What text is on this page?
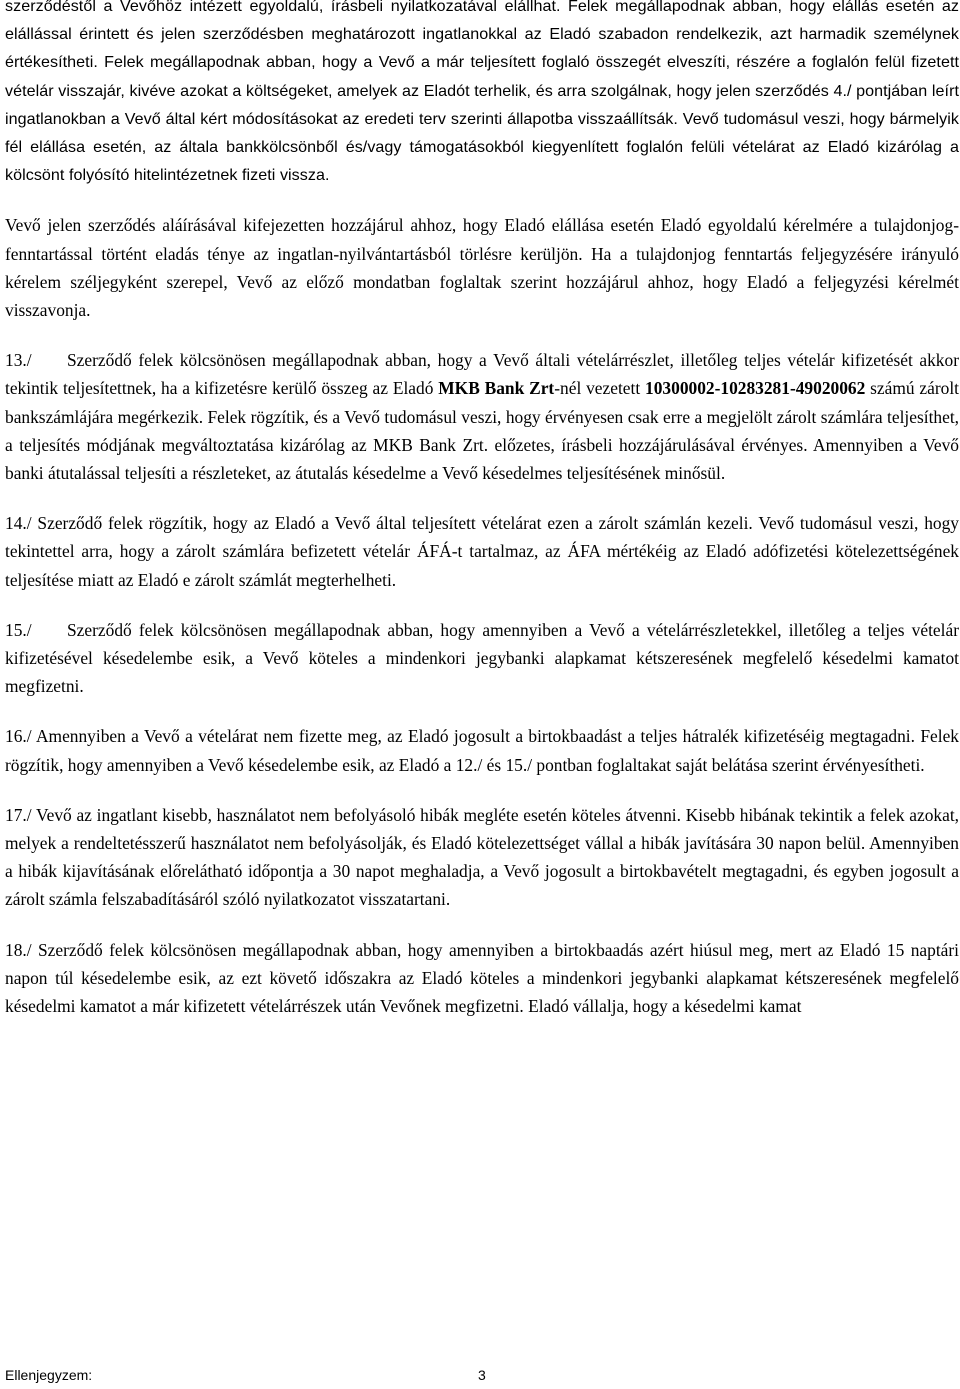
szerződéstől a Vevőhöz intézett egyoldalú, írásbeli nyilatkozatával elállhat. Felek megállapodnak abban, hogy elállás esetén az elállással érintett és jelen szerződésben meghatározott ingatlanokkal az Eladó szabadon rendelkezik, azt harmadik személynek értékesítheti. Felek megállapodnak abban, hogy a Vevő a már teljesített foglaló összegét elveszíti, részére a foglalón felül fizetett vételár visszajár, kivéve azokat a költségeket, amelyek az Eladót terhelik, és arra szolgálnak, hogy jelen szerződés 4./ pontjában leírt ingatlanokban a Vevő által kért módosításokat az eredeti terv szerinti állapotba visszaállítsák. Vevő tudomásul veszi, hogy bármelyik fél elállása esetén, az általa bankkölcsönből és/vagy támogatásokból kiegyenlített foglalón felüli vételárat az Eladó kizárólag a kölcsönt folyósító hitelintézetnek fizeti vissza.

Vevő jelen szerződés aláírásával kifejezetten hozzájárul ahhoz, hogy Eladó elállása esetén Eladó egyoldalú kérelmére a tulajdonjog-fenntartással történt eladás ténye az ingatlan-nyilvántartásból törlésre kerüljön. Ha a tulajdonjog fenntartás feljegyzésére irányuló kérelem széljegyként szerepel, Vevő az előző mondatban foglaltak szerint hozzájárul ahhoz, hogy Eladó a feljegyzési kérelmét visszavonja.

13./ Szerződő felek kölcsönösen megállapodnak abban, hogy a Vevő általi vételárrészlet, illetőleg teljes vételár kifizetését akkor tekintik teljesítettnek, ha a kifizetésre kerülő összeg az Eladó MKB Bank Zrt-nél vezetett 10300002-10283281-49020062 számú zárolt bankszámlájára megérkezik. Felek rögzítik, és a Vevő tudomásul veszi, hogy érvényesen csak erre a megjelölt zárolt számlára teljesíthet, a teljesítés módjának megváltoztatása kizárólag az MKB Bank Zrt. előzetes, írásbeli hozzájárulásával érvényes. Amennyiben a Vevő banki átutalással teljesíti a részleteket, az átutalás késedelme a Vevő késedelmes teljesítésének minősül.

14./ Szerződő felek rögzítik, hogy az Eladó a Vevő által teljesített vételárat ezen a zárolt számlán kezeli. Vevő tudomásul veszi, hogy tekintettel arra, hogy a zárolt számlára befizetett vételár ÁFÁ-t tartalmaz, az ÁFA mértékéig az Eladó adófizetési kötelezettségének teljesítése miatt az Eladó e zárolt számlát megterhelheti.

15./ Szerződő felek kölcsönösen megállapodnak abban, hogy amennyiben a Vevő a vételárrészletekkel, illetőleg a teljes vételár kifizetésével késedelembe esik, a Vevő köteles a mindenkori jegybanki alapkamat kétszeresének megfelelő késedelmi kamatot megfizetni.

16./ Amennyiben a Vevő a vételárat nem fizette meg, az Eladó jogosult a birtokbaadást a teljes hátralék kifizetéséig megtagadni. Felek rögzítik, hogy amennyiben a Vevő késedelembe esik, az Eladó a 12./ és 15./ pontban foglaltakat saját belátása szerint érvényesítheti.

17./ Vevő az ingatlant kisebb, használatot nem befolyásoló hibák megléte esetén köteles átvenni. Kisebb hibának tekintik a felek azokat, melyek a rendeltetésszerű használatot nem befolyásolják, és Eladó kötelezettséget vállal a hibák javítására 30 napon belül. Amennyiben a hibák kijavításának előrelátható időpontja a 30 napot meghaladja, a Vevő jogosult a birtokbavételt megtagadni, és egyben jogosult a zárolt számla felszabadításáról szóló nyilatkozatot visszatartani.

18./ Szerződő felek kölcsönösen megállapodnak abban, hogy amennyiben a birtokbaadás azért hiúsul meg, mert az Eladó 15 naptári napon túl késedelembe esik, az ezt követő időszakra az Eladó köteles a mindenkori jegybanki alapkamat kétszeresének megfelelő késedelmi kamatot a már kifizetett vételárrészek után Vevőnek megfizetni. Eladó vállalja, hogy a késedelmi kamat

Ellenjegyzem:	3
